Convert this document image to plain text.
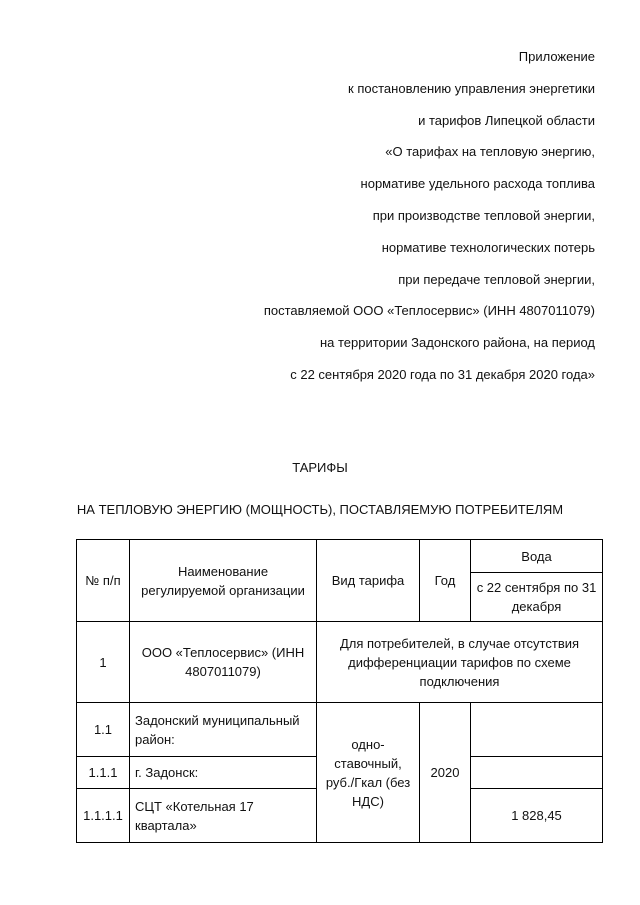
Приложение
к постановлению управления энергетики
и тарифов Липецкой области
«О тарифах на тепловую энергию,
нормативе удельного расхода топлива
при производстве тепловой энергии,
нормативе технологических потерь
при передаче тепловой энергии,
поставляемой ООО «Теплосервис» (ИНН 4807011079)
на территории Задонского района, на период
с 22 сентября 2020 года по 31 декабря 2020 года»
ТАРИФЫ
НА ТЕПЛОВУЮ ЭНЕРГИЮ (МОЩНОСТЬ), ПОСТАВЛЯЕМУЮ ПОТРЕБИТЕЛЯМ
№ п/п	Наименование регулируемой организации	Вид тарифа	Год	Вода
				с 22 сентября по 31 декабря
1	ООО «Теплосервис» (ИНН 4807011079)	Для потребителей, в случае отсутствия дифференциации тарифов по схеме подключения		
1.1	Задонский муниципальный район:	одно-ставочный, руб./Гкал (без НДС)	2020	
1.1.1	г. Задонск:			
1.1.1.1	СЦТ «Котельная 17 квартала»			1 828,45
